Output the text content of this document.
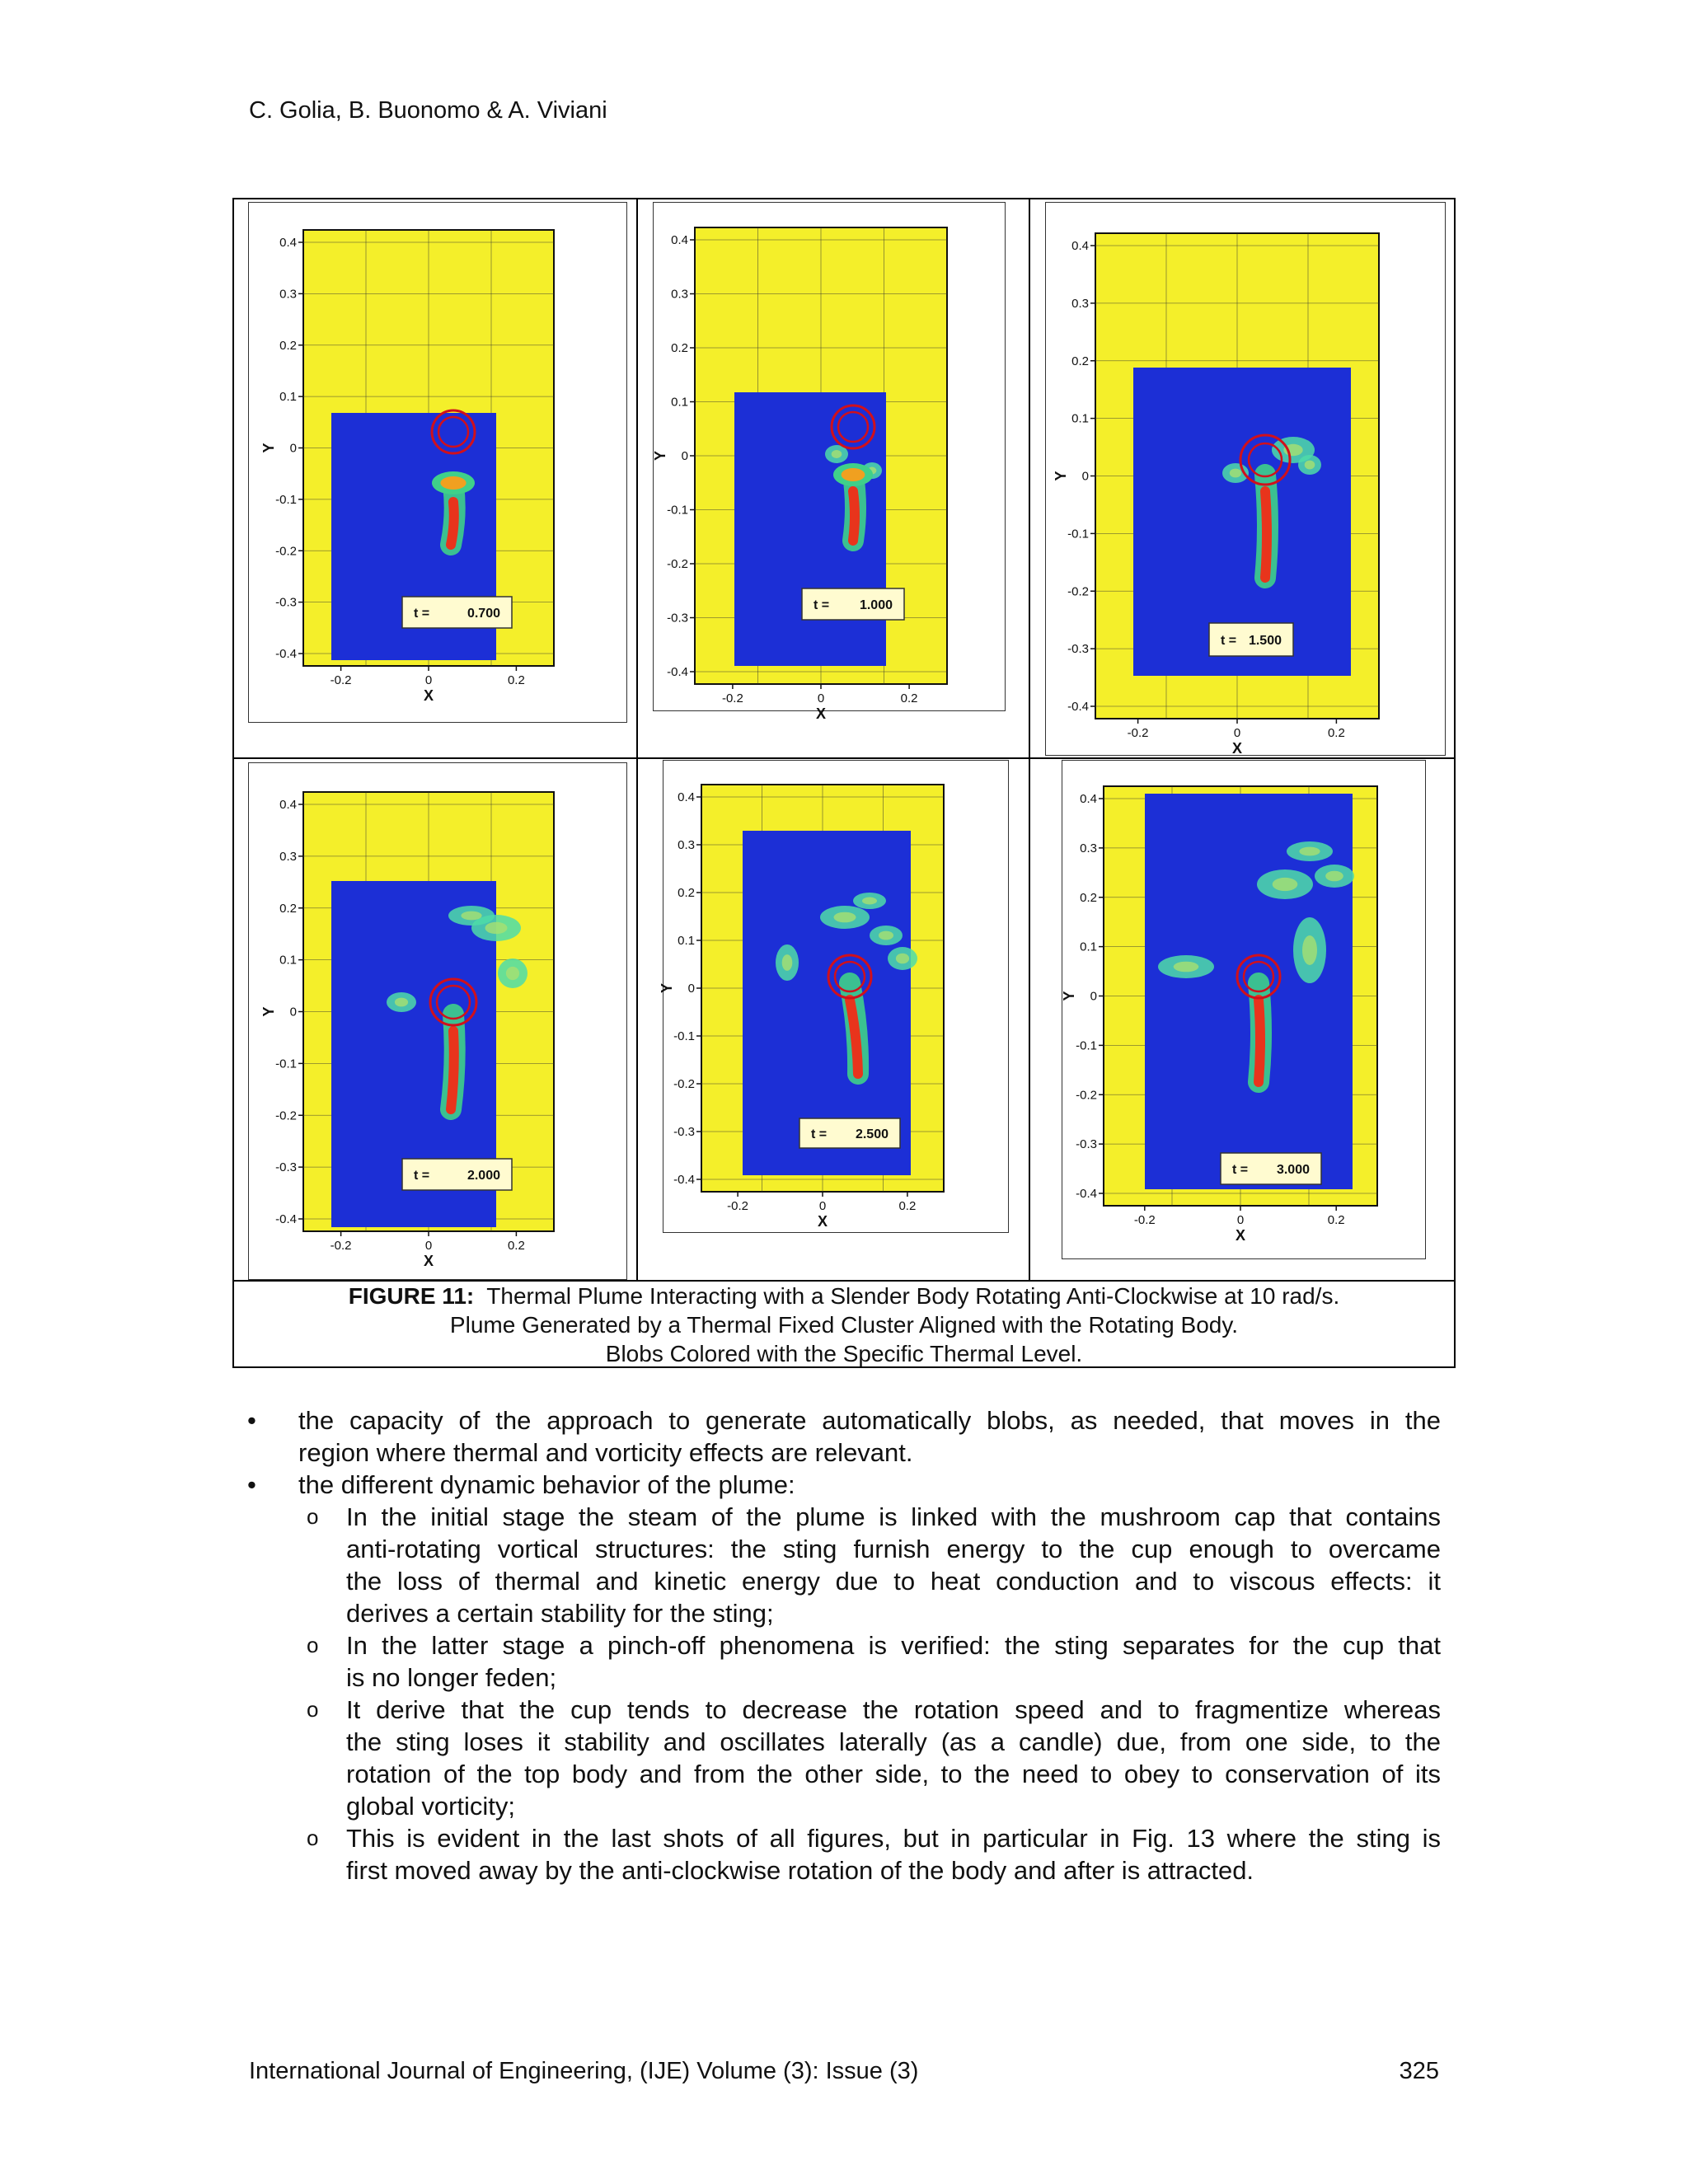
C. Golia, B. Buonomo & A. Viviani
0.4
0.3
0.2
0.1
0
-0.1
-0.2
-0.3
-0.4
Y
-0.2	0	0.2
X
t =	0.700
0.4
0.3
0.2
0.1
0
-0.1
-0.2
-0.3
-0.4
Y
-0.2	0	0.2
X
t = 1.000
0.4
0.3
0.2
0.1
0
-0.1
-0.2
-0.3
-0.4
Y
-0.2	0	0.2
X
t = 1.500
0.4
0.3
0.2
0.1
0
-0.1
-0.2
-0.3
-0.4
Y
-0.2	0	0.2
X
t =	2.000
0.4
0.3
0.2
0.1
0
-0.1
-0.2
-0.3
-0.4
Y
-0.2	0	0.2
X
t = 2.500
0.4
0.3
0.2
0.1
0
-0.1
-0.2
-0.3
-0.4
Y
-0.2	0	0.2
X
t = 3.000
FIGURE 11: Thermal Plume Interacting with a Slender Body Rotating Anti-Clockwise at 10 rad/s.
Plume Generated by a Thermal Fixed Cluster Aligned with the Rotating Body.
Blobs Colored with the Specific Thermal Level.
• the capacity of the approach to generate automatically blobs, as needed, that moves in the
region where thermal and vorticity effects are relevant.
• the different dynamic behavior of the plume:
o In the initial stage the steam of the plume is linked with the mushroom cap that contains
anti-rotating vortical structures: the sting furnish energy to the cup enough to overcame
the loss of thermal and kinetic energy due to heat conduction and to viscous effects: it
derives a certain stability for the sting;
o In the latter stage a pinch-off phenomena is verified: the sting separates for the cup that
is no longer feden;
o It derive that the cup tends to decrease the rotation speed and to fragmentize whereas
the sting loses it stability and oscillates laterally (as a candle) due, from one side, to the
rotation of the top body and from the other side, to the need to obey to conservation of its
global vorticity;
o This is evident in the last shots of all figures, but in particular in Fig. 13 where the sting is
first moved away by the anti-clockwise rotation of the body and after is attracted.
International Journal of Engineering, (IJE) Volume (3): Issue (3)	325
